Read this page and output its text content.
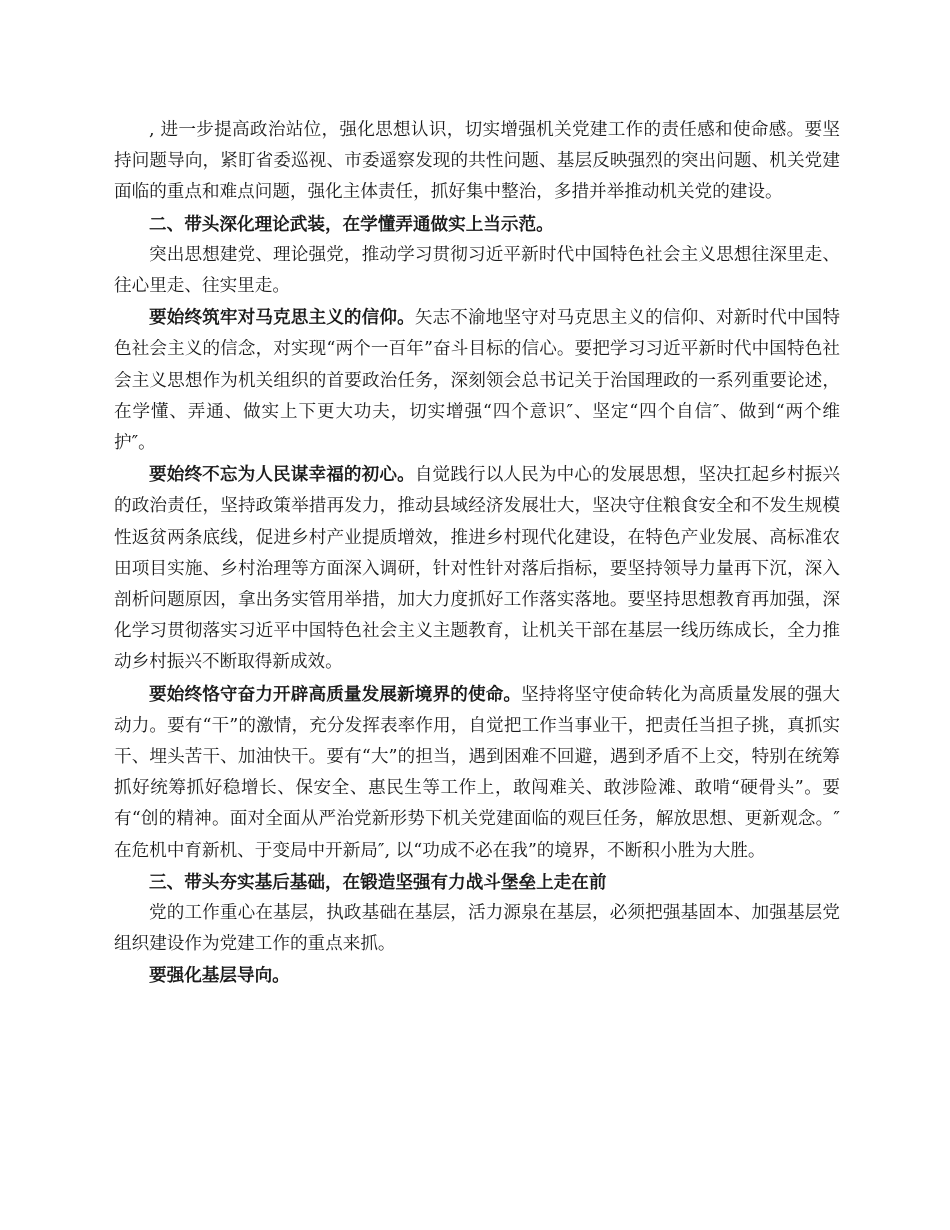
, 进一步提高政治站位，强化思想认识，切实增强机关党建工作的责任感和使命感。要坚持问题导向，紧盯省委巡视、市委遥察发现的共性问题、基层反映强烈的突出问题、机关党建面临的重点和难点问题，强化主体责任，抓好集中整治，多措并举推动机关党的建设。

二、带头深化理论武装，在学懂弄通做实上当示范。

突出思想建党、理论强党，推动学习贯彻习近平新时代中国特色社会主义思想往深里走、往心里走、往实里走。

要始终筑牢对马克思主义的信仰。矢志不渝地坚守对马克思主义的信仰、对新时代中国特色社会主义的信念，对实现“两个一百年”奋斗目标的信心。要把学习习近平新时代中国特色社会主义思想作为机关组织的首要政治任务，深刻领会总书记关于治国理政的一系列重要论述，在学懂、弄通、做实上下更大功夫，切实增强“四个意识″、坚定“四个自信″、做到“两个维护″。

要始终不忘为人民谋幸福的初心。自觉践行以人民为中心的发展思想，坚决扛起乡村振兴的政治责任，坚持政策举措再发力，推动县域经济发展壮大，坚决守住粮食安全和不发生规模性返贫两条底线，促进乡村产业提质增效，推进乡村现代化建设，在特色产业发展、高标准农田项目实施、乡村治理等方面深入调研，针对性针对落后指标，要坚持领导力量再下沉，深入剖析问题原因，拿出务实管用举措，加大力度抓好工作落实落地。要坚持思想教育再加强，深化学习贯彻落实习近平中国特色社会主义主题教育，让机关干部在基层一线历练成长，全力推动乡村振兴不断取得新成效。

要始终恪守奋力开辟高质量发展新境界的使命。坚持将坚守使命转化为高质量发展的强大动力。要有“干”的激情，充分发挥表率作用，自觉把工作当事业干，把责任当担子挑，真抓实干、埋头苦干、加油快干。要有“大”的担当，遇到困难不回避，遇到矛盾不上交，特别在统筹抓好统筹抓好稳增长、保安全、惠民生等工作上，敢闯难关、敢涉险滩、敢啃“硬骨头”。要有“创的精神。面对全面从严治党新形势下机关党建面临的观巨任务，解放思想、更新观念。″在危机中育新机、于变局中开新局″, 以“功成不必在我”的境界，不断积小胜为大胜。

三、带头夯实基后基础，在锻造坚强有力战斗堡垒上走在前

党的工作重心在基层，执政基础在基层，活力源泉在基层，必须把强基固本、加强基层党组织建设作为党建工作的重点来抓。

要强化基层导向。
